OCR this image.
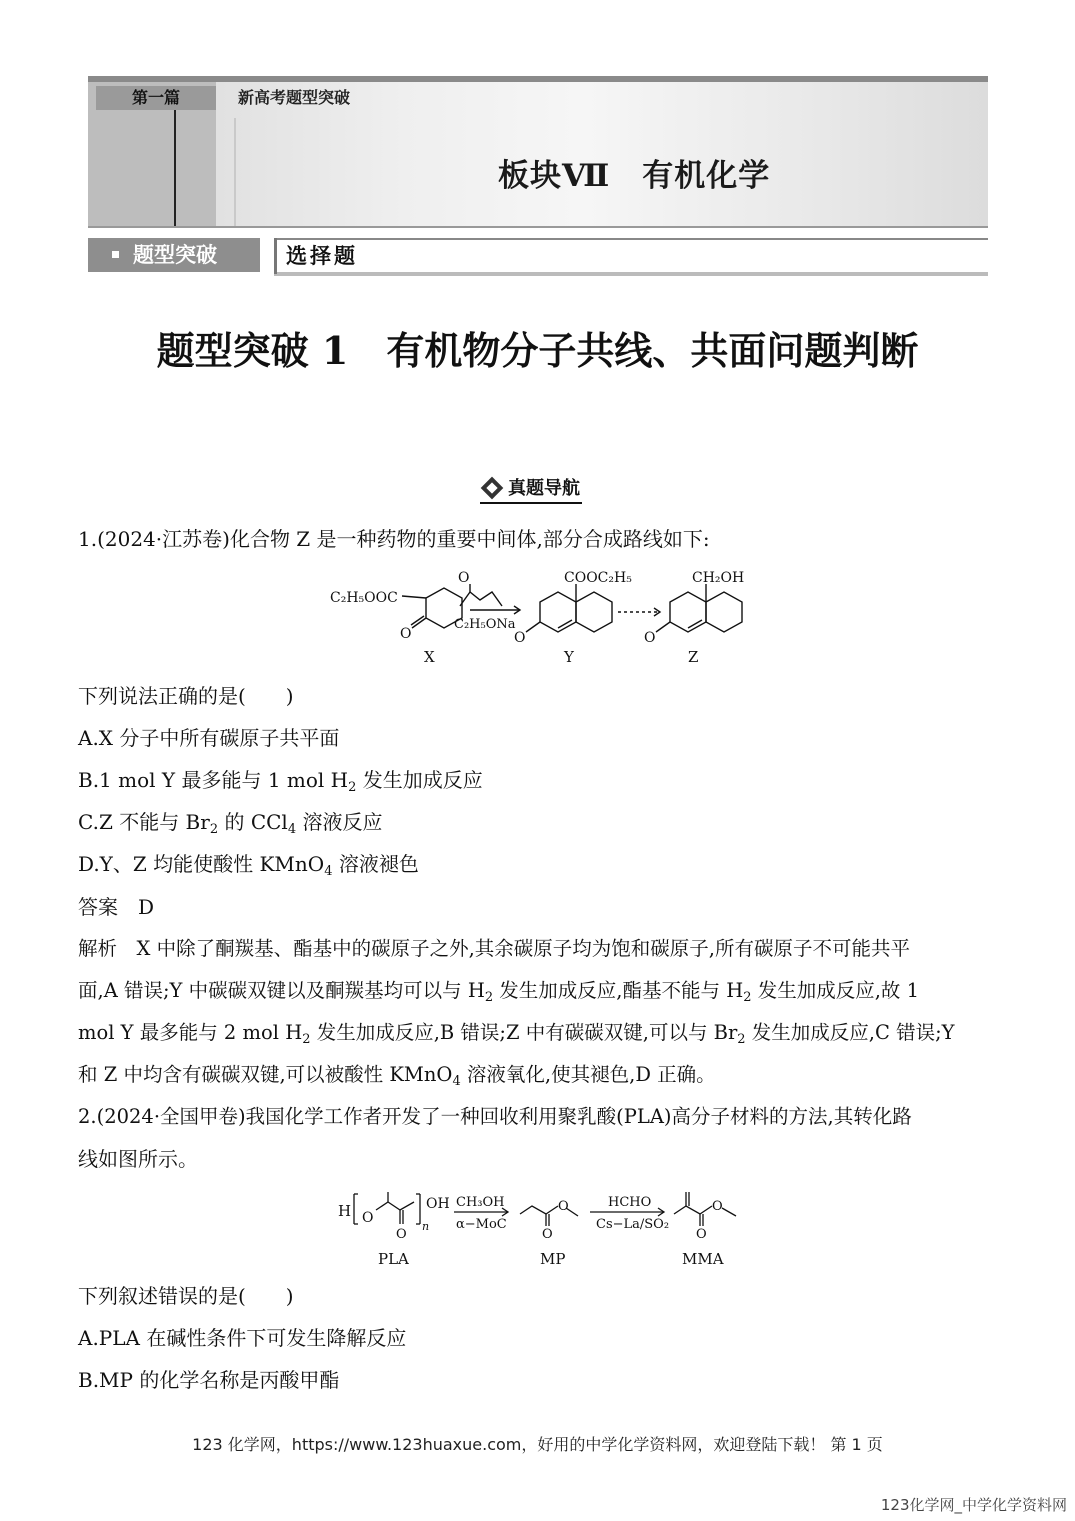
第一篇	新高考题型突破
板块Ⅶ　有机化学
题型突破	选择题
题型突破 1　有机物分子共线、共面问题判断
真题导航
1.(2024·江苏卷)化合物 Z 是一种药物的重要中间体,部分合成路线如下:
C₂H₅OOC
O
O
C₂H₅ONa
COOC₂H₅
O
CH₂OH
O
X	Y	Z
下列说法正确的是(　　)
A.X 分子中所有碳原子共平面
B.1 mol Y 最多能与 1 mol $H_2$ 发生加成反应
C.Z 不能与 $Br_2$ 的 CCl$_4$ 溶液反应
D.Y、Z 均能使酸性 KMnO$_4$ 溶液褪色
答案　D
解析　X 中除了酮羰基、酯基中的碳原子之外,其余碳原子均为饱和碳原子,所有碳原子不可能共平
面,A 错误;Y 中碳碳双键以及酮羰基均可以与 $H_2$ 发生加成反应,酯基不能与 $H_2$ 发生加成反应,故 1
mol Y 最多能与 2 mol $H_2$ 发生加成反应,B 错误;Z 中有碳碳双键,可以与 $Br_2$ 发生加成反应,C 错误;Y
和 Z 中均含有碳碳双键,可以被酸性 KMnO$_4$ 溶液氧化,使其褪色,D 正确。
2.(2024·全国甲卷)我国化学工作者开发了一种回收利用聚乳酸(PLA)高分子材料的方法,其转化路
线如图所示。
H O
OH
n
O
CH₃OH
α−MoC
O
O
HCHO
Cs−La/SO₂
O
O
PLA	MP	MMA
下列叙述错误的是(　　)
A.PLA 在碱性条件下可发生降解反应
B.MP 的化学名称是丙酸甲酯
123 化学网，https://www.123huaxue.com，好用的中学化学资料网，欢迎登陆下载！ 第 1 页
123化学网_中学化学资料网
